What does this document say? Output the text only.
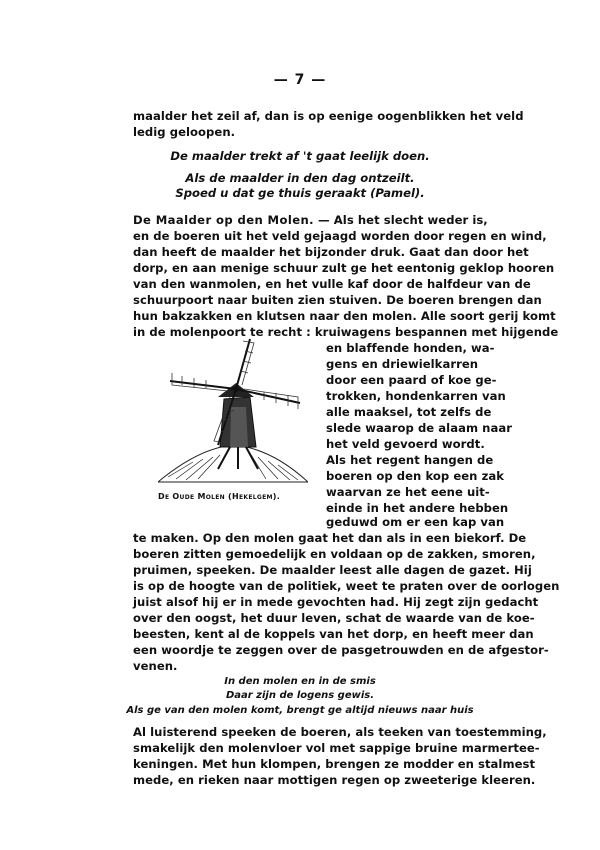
— 7 —
maalder het zeil af, dan is op eenige oogenblikken het veld
ledig geloopen.
De maalder trekt af 't gaat leelijk doen.
Als de maalder in den dag ontzeilt.
Spoed u dat ge thuis geraakt (Pamel).
De Maalder op den Molen. — Als het slecht weder is,
en de boeren uit het veld gejaagd worden door regen en wind,
dan heeft de maalder het bijzonder druk. Gaat dan door het
dorp, en aan menige schuur zult ge het eentonig geklop hooren
van den wanmolen, en het vulle kaf door de halfdeur van de
schuurpoort naar buiten zien stuiven. De boeren brengen dan
hun bakzakken en klutsen naar den molen. Alle soort gerij komt
in de molenpoort te recht : kruiwagens bespannen met hijgende
en blaffende honden, wa-
gens en driewielkarren
door een paard of koe ge-
trokken, hondenkarren van
alle maaksel, tot zelfs de
slede waarop de alaam naar
het veld gevoerd wordt.
Als het regent hangen de
boeren op den kop een zak
waarvan ze het eene uit-
einde in het andere hebben
geduwd om er een kap van
De Oude Molen (Hekelgem).
te maken. Op den molen gaat het dan als in een biekorf. De
boeren zitten gemoedelijk en voldaan op de zakken, smoren,
pruimen, speeken. De maalder leest alle dagen de gazet. Hij
is op de hoogte van de politiek, weet te praten over de oorlogen
juist alsof hij er in mede gevochten had. Hij zegt zijn gedacht
over den oogst, het duur leven, schat de waarde van de koe-
beesten, kent al de koppels van het dorp, en heeft meer dan
een woordje te zeggen over de pasgetrouwden en de afgestor-
venen.
In den molen en in de smis
Daar zijn de logens gewis.
Als ge van den molen komt, brengt ge altijd nieuws naar huis
Al luisterend speeken de boeren, als teeken van toestemming,
smakelijk den molenvloer vol met sappige bruine marmertee-
keningen. Met hun klompen, brengen ze modder en stalmest
mede, en rieken naar mottigen regen op zweeterige kleeren.
